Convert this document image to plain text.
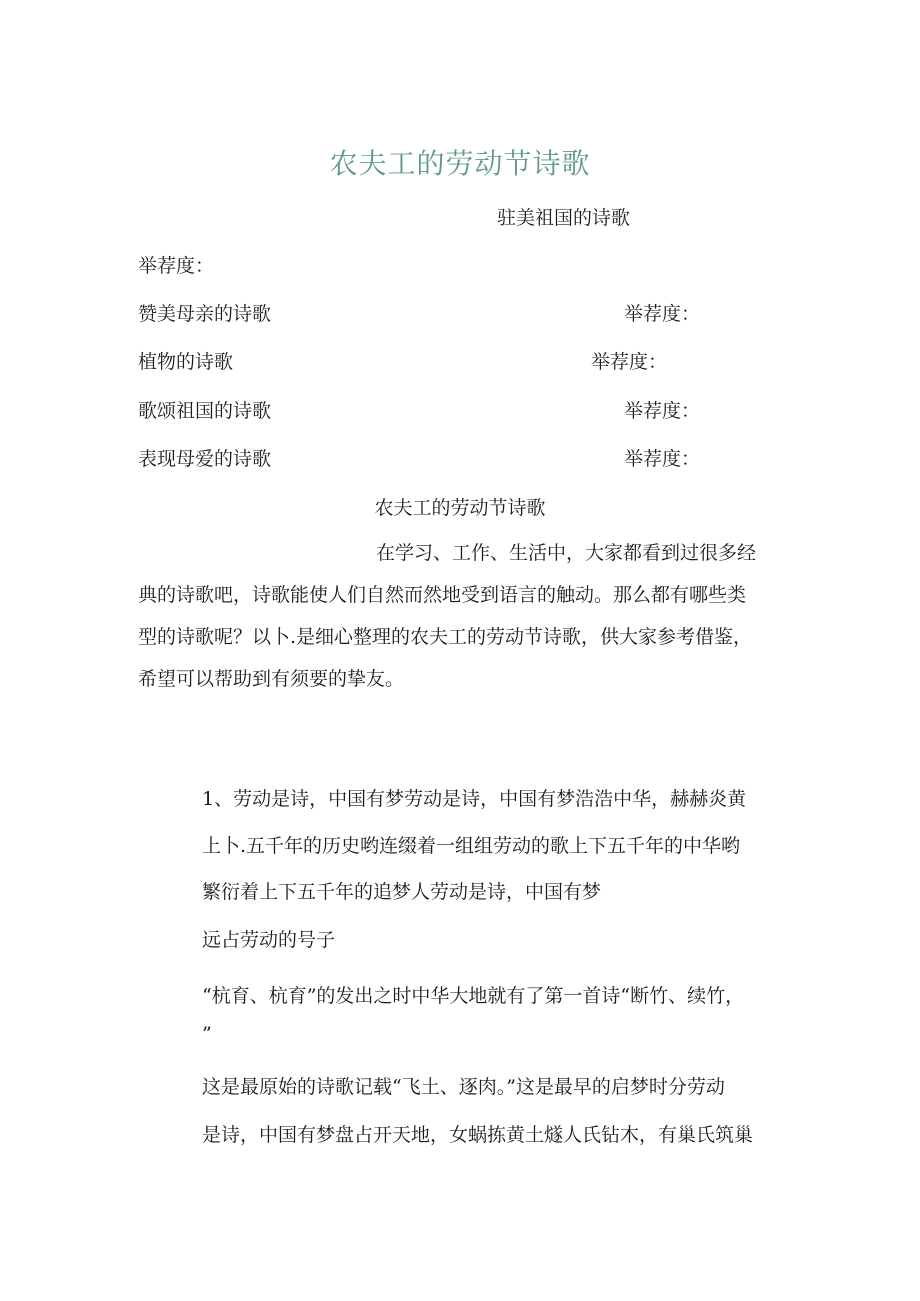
农夫工的劳动节诗歌
驻美祖国的诗歌
举荐度：
赞美母亲的诗歌	举荐度：
植物的诗歌	举荐度：
歌颂祖国的诗歌	举荐度：
表现母爱的诗歌	举荐度：
农夫工的劳动节诗歌
在学习、工作、生活中，大家都看到过很多经
典的诗歌吧，诗歌能使人们自然而然地受到语言的触动。那么都有哪些类
型的诗歌呢？以卜.是细心整理的农夫工的劳动节诗歌，供大家参考借鉴，
希望可以帮助到有须要的挚友。
1、劳动是诗，中国有梦劳动是诗，中国有梦浩浩中华，赫赫炎黄
上卜.五千年的历史哟连缀着一组组劳动的歌上下五千年的中华哟
繁衍着上下五千年的追梦人劳动是诗，中国有梦
远占劳动的号子
“杭育、杭育”的发出之时中华大地就有了第一首诗“断竹、续竹，
”
这是最原始的诗歌记载“飞土、逐肉。”这是最早的启梦时分劳动
是诗，中国有梦盘占开天地，女蜗拣黄土燧人氏钻木，有巢氏筑巢
